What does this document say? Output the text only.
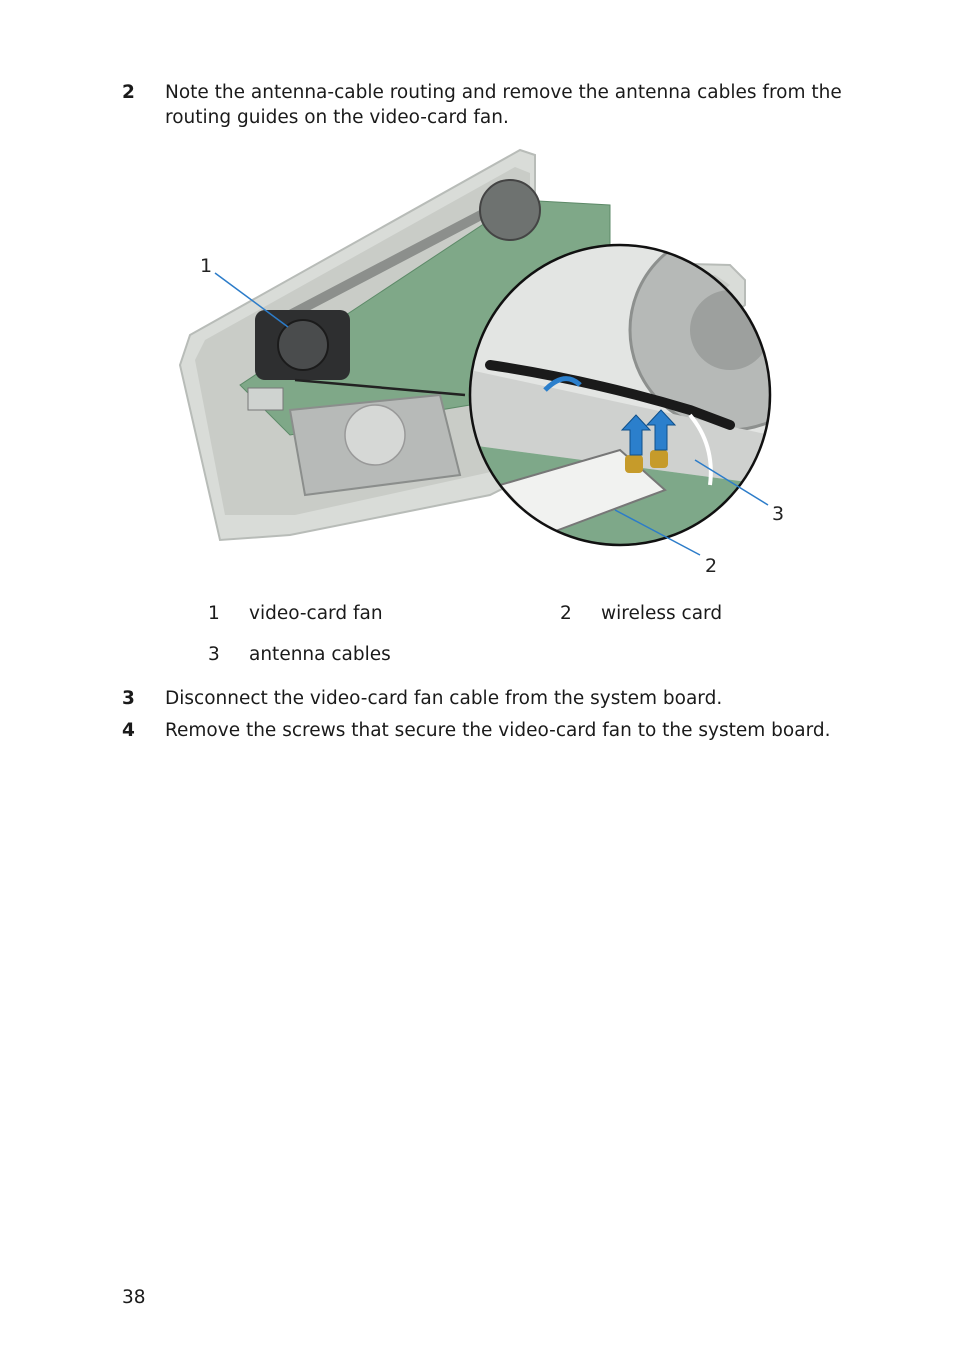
2 Note the antenna-cable routing and remove the antenna cables from the routing guides on the video-card fan.
1
2
3
1 video-card fan	2 wireless card
3 antenna cables
3 Disconnect the video-card fan cable from the system board.
4 Remove the screws that secure the video-card fan to the system board.
38
